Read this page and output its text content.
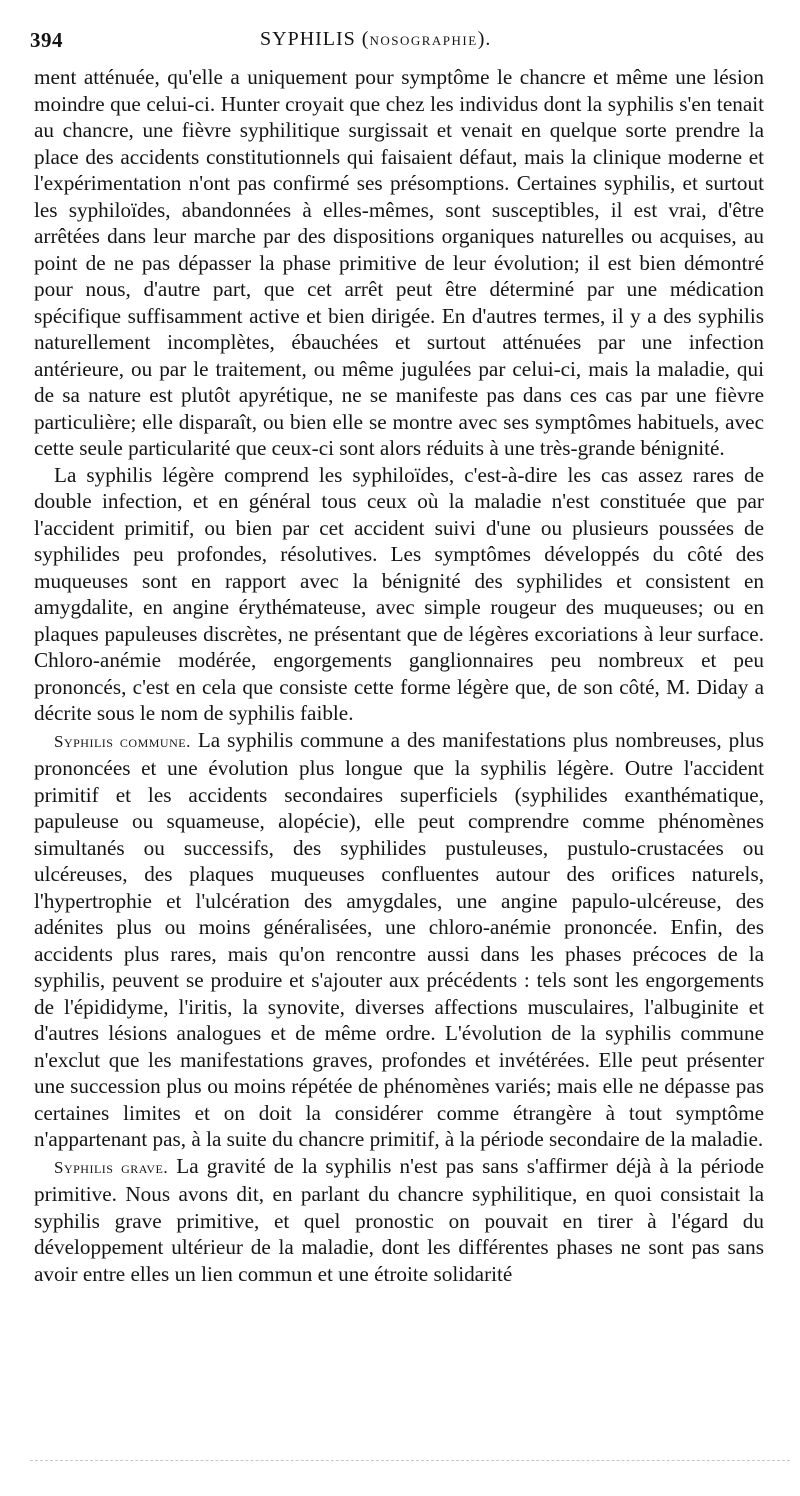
394	SYPHILIS (NOSOGRAPHIE).

ment atténuée, qu'elle a uniquement pour symptôme le chancre et même une lésion moindre que celui-ci. Hunter croyait que chez les individus dont la syphilis s'en tenait au chancre, une fièvre syphilitique surgissait et venait en quelque sorte prendre la place des accidents constitutionnels qui faisaient défaut, mais la clinique moderne et l'expérimentation n'ont pas confirmé ses présomptions. Certaines syphilis, et surtout les syphiloïdes, abandonnées à elles-mêmes, sont susceptibles, il est vrai, d'être arrêtées dans leur marche par des dispositions organiques naturelles ou acquises, au point de ne pas dépasser la phase primitive de leur évolution; il est bien démontré pour nous, d'autre part, que cet arrêt peut être déterminé par une médication spécifique suffisamment active et bien dirigée. En d'autres termes, il y a des syphilis naturellement incomplètes, ébauchées et surtout atténuées par une infection antérieure, ou par le traitement, ou même jugulées par celui-ci, mais la maladie, qui de sa nature est plutôt apyrétique, ne se manifeste pas dans ces cas par une fièvre particulière; elle disparaît, ou bien elle se montre avec ses symptômes habituels, avec cette seule particularité que ceux-ci sont alors réduits à une très-grande bénignité.

La syphilis légère comprend les syphiloïdes, c'est-à-dire les cas assez rares de double infection, et en général tous ceux où la maladie n'est constituée que par l'accident primitif, ou bien par cet accident suivi d'une ou plusieurs poussées de syphilides peu profondes, résolutives. Les symptômes développés du côté des muqueuses sont en rapport avec la bénignité des syphilides et consistent en amygdalite, en angine érythémateuse, avec simple rougeur des muqueuses; ou en plaques papuleuses discrètes, ne présentant que de légères excoriations à leur surface. Chloro-anémie modérée, engorgements ganglionnaires peu nombreux et peu prononcés, c'est en cela que consiste cette forme légère que, de son côté, M. Diday a décrite sous le nom de syphilis faible.

Syphilis commune. La syphilis commune a des manifestations plus nombreuses, plus prononcées et une évolution plus longue que la syphilis légère. Outre l'accident primitif et les accidents secondaires superficiels (syphilides exanthématique, papuleuse ou squameuse, alopécie), elle peut comprendre comme phénomènes simultanés ou successifs, des syphilides pustuleuses, pustulo-crustacées ou ulcéreuses, des plaques muqueuses confluentes autour des orifices naturels, l'hypertrophie et l'ulcération des amygdales, une angine papulo-ulcéreuse, des adénites plus ou moins généralisées, une chloro-anémie prononcée. Enfin, des accidents plus rares, mais qu'on rencontre aussi dans les phases précoces de la syphilis, peuvent se produire et s'ajouter aux précédents : tels sont les engorgements de l'épididyme, l'iritis, la synovite, diverses affections musculaires, l'albuginite et d'autres lésions analogues et de même ordre. L'évolution de la syphilis commune n'exclut que les manifestations graves, profondes et invétérées. Elle peut présenter une succession plus ou moins répétée de phénomènes variés; mais elle ne dépasse pas certaines limites et on doit la considérer comme étrangère à tout symptôme n'appartenant pas, à la suite du chancre primitif, à la période secondaire de la maladie.

Syphilis grave. La gravité de la syphilis n'est pas sans s'affirmer déjà à la période primitive. Nous avons dit, en parlant du chancre syphilitique, en quoi consistait la syphilis grave primitive, et quel pronostic on pouvait en tirer à l'égard du développement ultérieur de la maladie, dont les différentes phases ne sont pas sans avoir entre elles un lien commun et une étroite solidarité
